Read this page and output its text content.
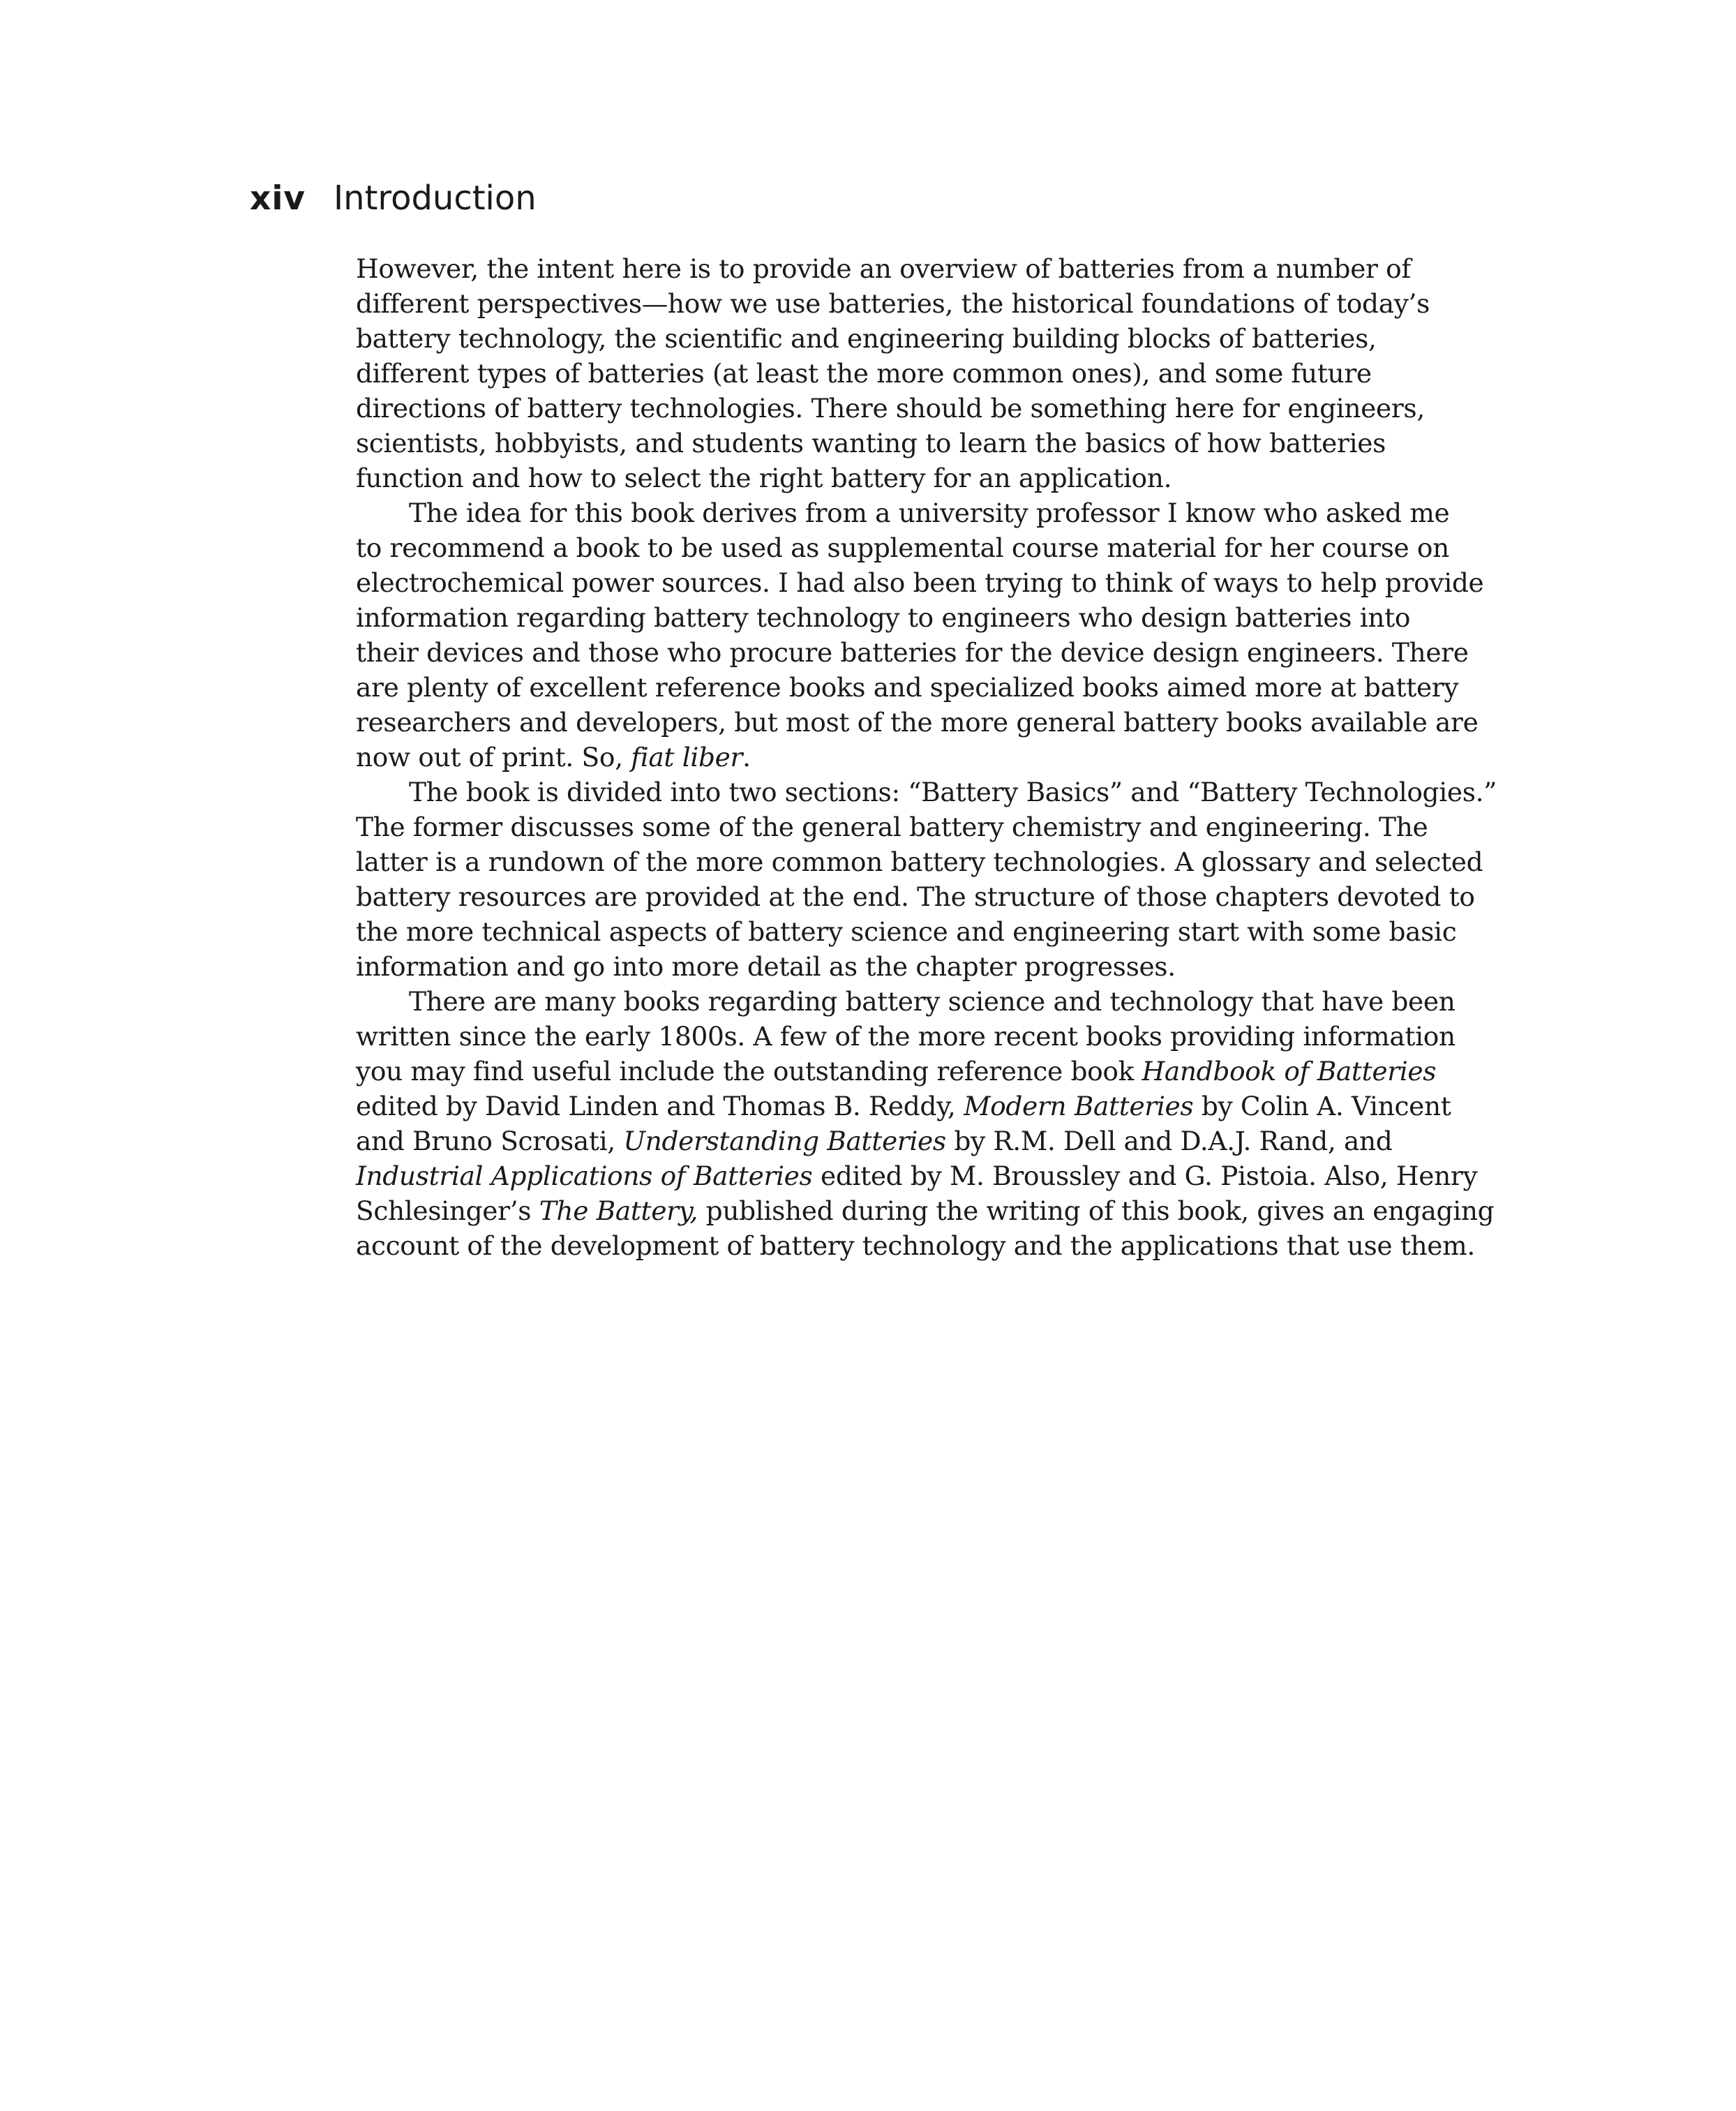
xiv Introduction
However, the intent here is to provide an overview of batteries from a number of
different perspectives—how we use batteries, the historical foundations of today’s
battery technology, the scientific and engineering building blocks of batteries,
different types of batteries (at least the more common ones), and some future
directions of battery technologies. There should be something here for engineers,
scientists, hobbyists, and students wanting to learn the basics of how batteries
function and how to select the right battery for an application.
The idea for this book derives from a university professor I know who asked me
to recommend a book to be used as supplemental course material for her course on
electrochemical power sources. I had also been trying to think of ways to help provide
information regarding battery technology to engineers who design batteries into
their devices and those who procure batteries for the device design engineers. There
are plenty of excellent reference books and specialized books aimed more at battery
researchers and developers, but most of the more general battery books available are
now out of print. So, fiat liber.
The book is divided into two sections: “Battery Basics” and “Battery Technologies.”
The former discusses some of the general battery chemistry and engineering. The
latter is a rundown of the more common battery technologies. A glossary and selected
battery resources are provided at the end. The structure of those chapters devoted to
the more technical aspects of battery science and engineering start with some basic
information and go into more detail as the chapter progresses.
There are many books regarding battery science and technology that have been
written since the early 1800s. A few of the more recent books providing information
you may find useful include the outstanding reference book Handbook of Batteries
edited by David Linden and Thomas B. Reddy, Modern Batteries by Colin A. Vincent
and Bruno Scrosati, Understanding Batteries by R.M. Dell and D.A.J. Rand, and
Industrial Applications of Batteries edited by M. Broussley and G. Pistoia. Also, Henry
Schlesinger’s The Battery, published during the writing of this book, gives an engaging
account of the development of battery technology and the applications that use them.
